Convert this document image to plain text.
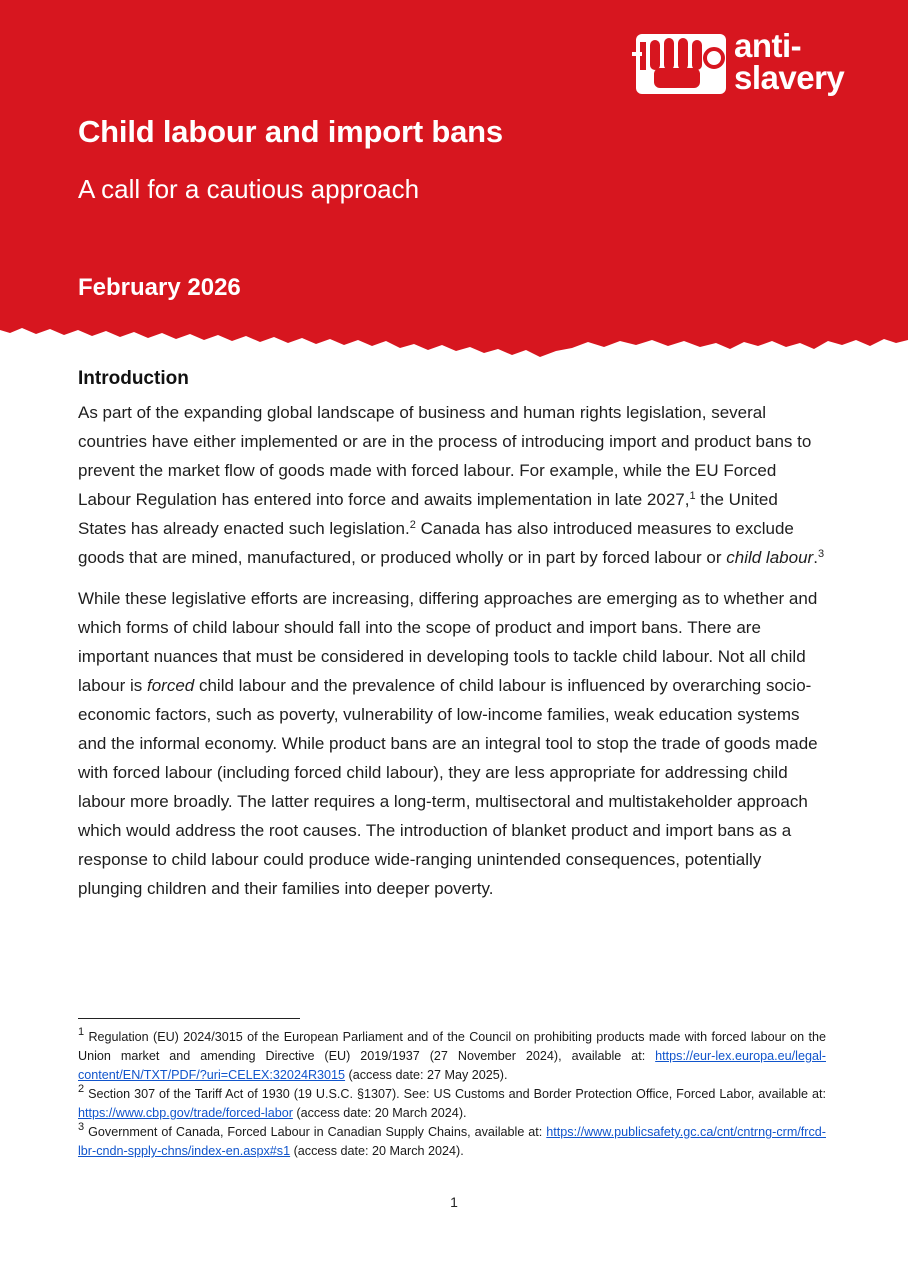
anti-
slavery
Child labour and import bans
A call for a cautious approach
February 2026
Introduction

As part of the expanding global landscape of business and human rights legislation, several countries have either implemented or are in the process of introducing import and product bans to prevent the market flow of goods made with forced labour. For example, while the EU Forced Labour Regulation has entered into force and awaits implementation in late 2027,$^1$ the United States has already enacted such legislation.$^2$ Canada has also introduced measures to exclude goods that are mined, manufactured, or produced wholly or in part by forced labour or child labour.$^3$

While these legislative efforts are increasing, differing approaches are emerging as to whether and which forms of child labour should fall into the scope of product and import bans. There are important nuances that must be considered in developing tools to tackle child labour. Not all child labour is forced child labour and the prevalence of child labour is influenced by overarching socio-economic factors, such as poverty, vulnerability of low-income families, weak education systems and the informal economy. While product bans are an integral tool to stop the trade of goods made with forced labour (including forced child labour), they are less appropriate for addressing child labour more broadly. The latter requires a long-term, multisectoral and multistakeholder approach which would address the root causes. The introduction of blanket product and import bans as a response to child labour could produce wide-ranging unintended consequences, potentially plunging children and their families into deeper poverty.

$^1$ Regulation (EU) 2024/3015 of the European Parliament and of the Council on prohibiting products made with forced labour on the Union market and amending Directive (EU) 2019/1937 (27 November 2024), available at: https://eur-lex.europa.eu/legal-content/EN/TXT/PDF/?uri=CELEX:32024R3015 (access date: 27 May 2025).

$^2$ Section 307 of the Tariff Act of 1930 (19 U.S.C. §1307). See: US Customs and Border Protection Office, Forced Labor, available at: https://www.cbp.gov/trade/forced-labor (access date: 20 March 2024).

$^3$ Government of Canada, Forced Labour in Canadian Supply Chains, available at: https://www.publicsafety.gc.ca/cnt/cntrng-crm/frcd-lbr-cndn-spply-chns/index-en.aspx#s1 (access date: 20 March 2024).

1
